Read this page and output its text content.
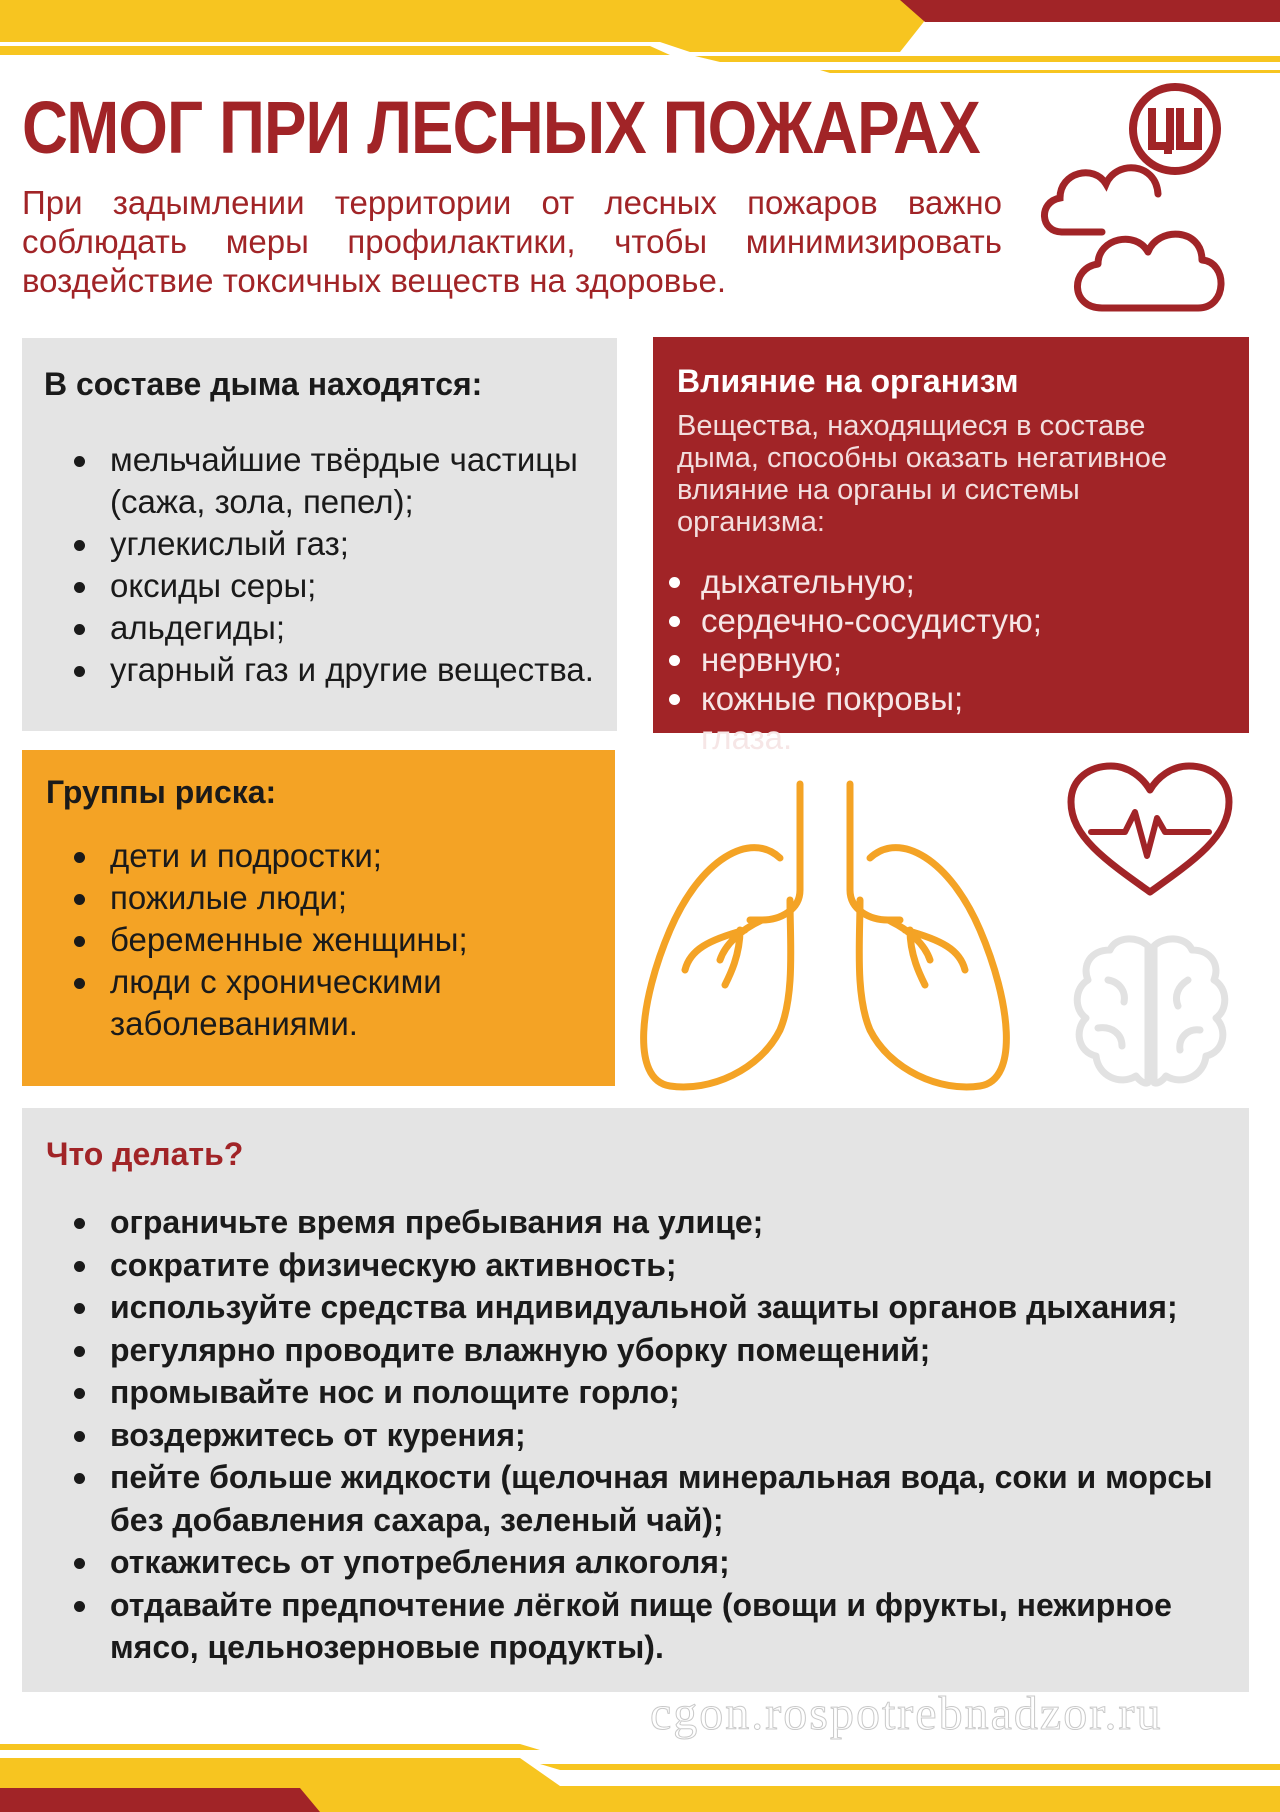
СМОГ ПРИ ЛЕСНЫХ ПОЖАРАХ

При задымлении территории от лесных пожаров важно соблюдать меры профилактики, чтобы минимизировать воздействие токсичных веществ на здоровье.

В составе дыма находятся:
мельчайшие твёрдые частицы (сажа, зола, пепел);
углекислый газ;
оксиды серы;
альдегиды;
угарный газ и другие вещества.
Влияние на организм

Вещества, находящиеся в составе дыма, способны оказать негативное влияние на органы и системы организма:

дыхательную;
сердечно-сосудистую;
нервную;
кожные покровы;
глаза.
Группы риска:
дети и подростки;
пожилые люди;
беременные женщины;
люди с хроническими заболеваниями.
Что делать?
ограничьте время пребывания на улице;
сократите физическую активность;
используйте средства индивидуальной защиты органов дыхания;
регулярно проводите влажную уборку помещений;
промывайте нос и полощите горло;
воздержитесь от курения;
пейте больше жидкости (щелочная минеральная вода, соки и морсы без добавления сахара, зеленый чай);
откажитесь от употребления алкоголя;
отдавайте предпочтение лёгкой пище (овощи и фрукты, нежирное мясо, цельнозерновые продукты).

cgon.rospotrebnadzor.ru
